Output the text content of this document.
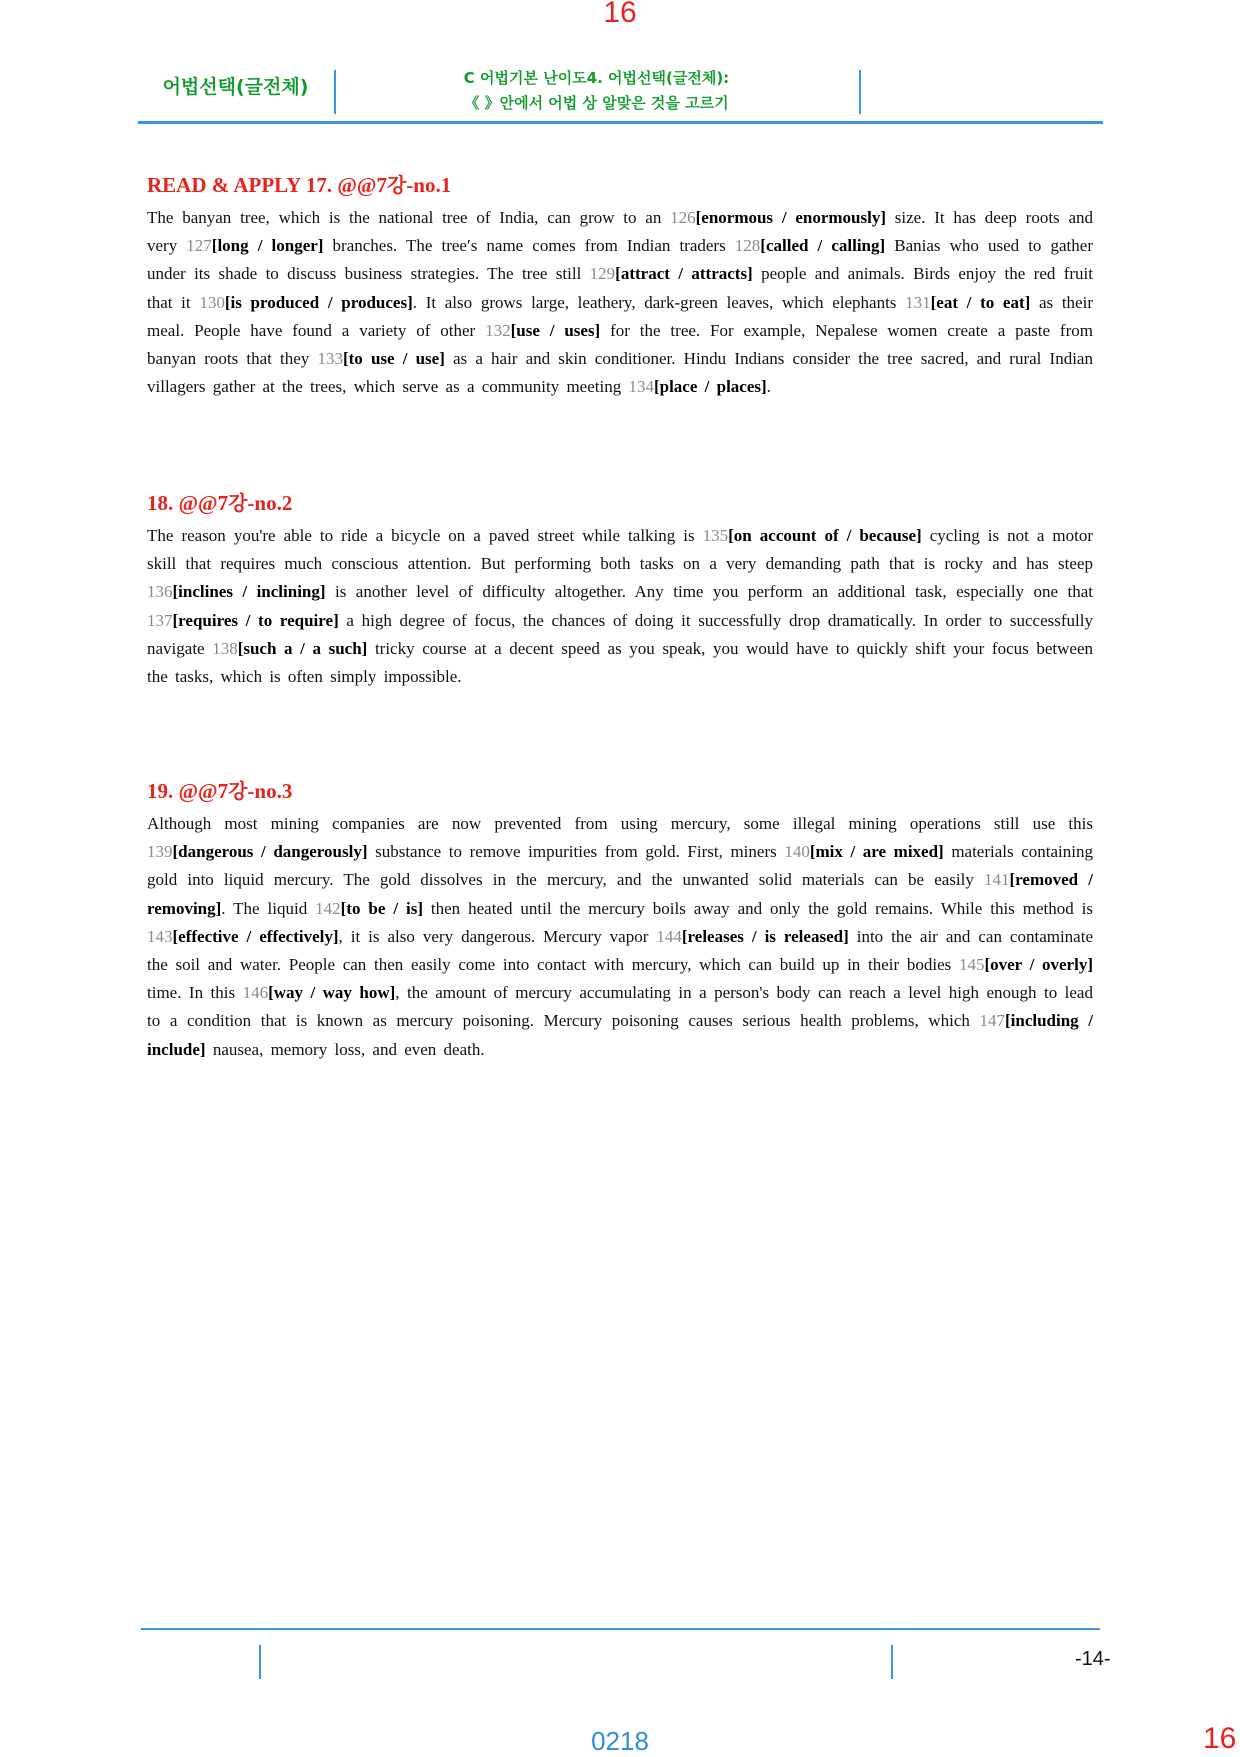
16
어법선택(글전체)	C 어법기본 난이도4. 어법선택(글전체):
《 》안에서 어법 상 알맞은 것을 고르기
READ & APPLY 17. @@7강-no.1

The banyan tree, which is the national tree of India, can grow to an 126[enormous / enormously] size. It has deep roots and very 127[long / longer] branches. The tree′s name comes from Indian traders 128[called / calling] Banias who used to gather under its shade to discuss business strategies. The tree still 129[attract / attracts] people and animals. Birds enjoy the red fruit that it 130[is produced / produces]. It also grows large, leathery, dark-green leaves, which elephants 131[eat / to eat] as their meal. People have found a variety of other 132[use / uses] for the tree. For example, Nepalese women create a paste from banyan roots that they 133[to use / use] as a hair and skin conditioner. Hindu Indians consider the tree sacred, and rural Indian villagers gather at the trees, which serve as a community meeting 134[place / places].

18. @@7강-no.2

The reason you're able to ride a bicycle on a paved street while talking is 135[on account of / because] cycling is not a motor skill that requires much conscious attention. But performing both tasks on a very demanding path that is rocky and has steep 136[inclines / inclining] is another level of difficulty altogether. Any time you perform an additional task, especially one that 137[requires / to require] a high degree of focus, the chances of doing it successfully drop dramatically. In order to successfully navigate 138[such a / a such] tricky course at a decent speed as you speak, you would have to quickly shift your focus between the tasks, which is often simply impossible.

19. @@7강-no.3

Although most mining companies are now prevented from using mercury, some illegal mining operations still use this 139[dangerous / dangerously] substance to remove impurities from gold. First, miners 140[mix / are mixed] materials containing gold into liquid mercury. The gold dissolves in the mercury, and the unwanted solid materials can be easily 141[removed / removing]. The liquid 142[to be / is] then heated until the mercury boils away and only the gold remains. While this method is 143[effective / effectively], it is also very dangerous. Mercury vapor 144[releases / is released] into the air and can contaminate the soil and water. People can then easily come into contact with mercury, which can build up in their bodies 145[over / overly] time. In this 146[way / way how], the amount of mercury accumulating in a person's body can reach a level high enough to lead to a condition that is known as mercury poisoning. Mercury poisoning causes serious health problems, which 147[including / include] nausea, memory loss, and even death.

-14-
0218	16
